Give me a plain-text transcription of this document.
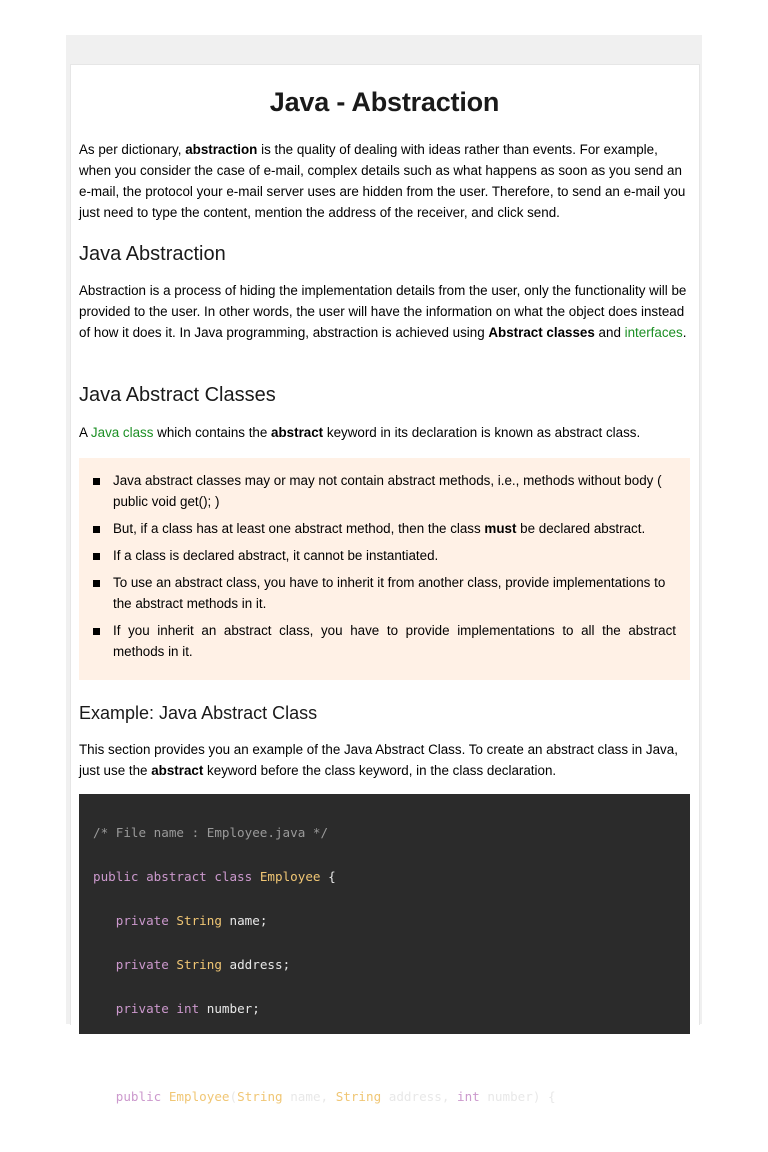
Java - Abstraction

As per dictionary, abstraction is the quality of dealing with ideas rather than events. For example, when you consider the case of e-mail, complex details such as what happens as soon as you send an e-mail, the protocol your e-mail server uses are hidden from the user. Therefore, to send an e-mail you just need to type the content, mention the address of the receiver, and click send.

Java Abstraction

Abstraction is a process of hiding the implementation details from the user, only the functionality will be provided to the user. In other words, the user will have the information on what the object does instead of how it does it. In Java programming, abstraction is achieved using Abstract classes and interfaces.

Java Abstract Classes

A Java class which contains the abstract keyword in its declaration is known as abstract class.

Java abstract classes may or may not contain abstract methods, i.e., methods without body ( public void get(); )
But, if a class has at least one abstract method, then the class must be declared abstract.
If a class is declared abstract, it cannot be instantiated.
To use an abstract class, you have to inherit it from another class, provide implementations to the abstract methods in it.
If you inherit an abstract class, you have to provide implementations to all the abstract methods in it.
Example: Java Abstract Class

This section provides you an example of the Java Abstract Class. To create an abstract class in Java, just use the abstract keyword before the class keyword, in the class declaration.

/* File name : Employee.java */

public abstract class Employee {

private String name;

private String address;

private int number;

public Employee(String name, String address, int number) {
